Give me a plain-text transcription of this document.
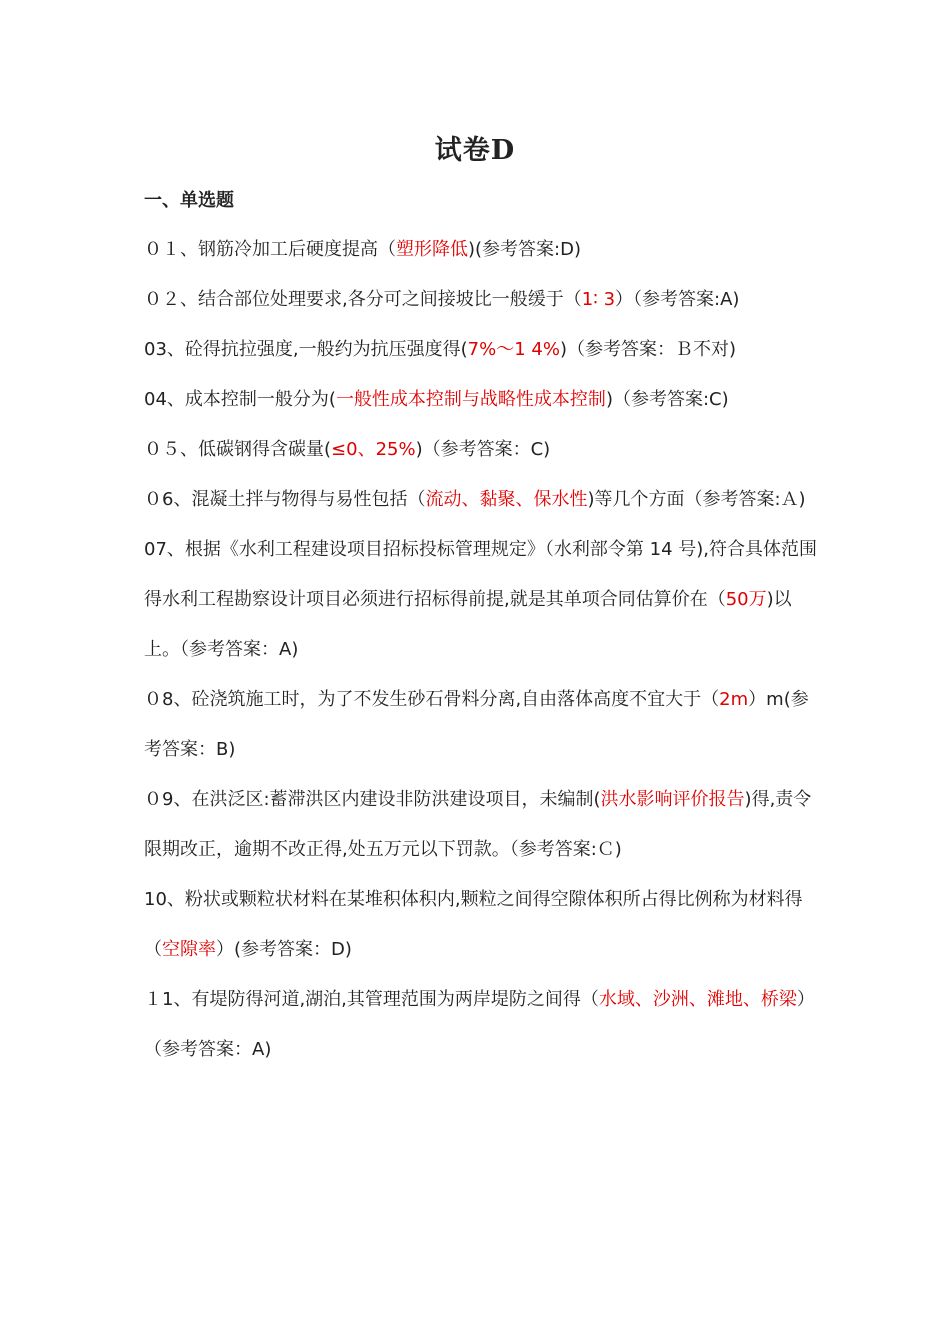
试卷D
一、单选题

０１、钢筋冷加工后硬度提高（塑形降低)(参考答案:D)

０２、结合部位处理要求,各分可之间接坡比一般缓于（1∶ 3）（参考答案:A)

03、砼得抗拉强度,一般约为抗压强度得(7%～1 4%)（参考答案：Ｂ不对)

04、成本控制一般分为(一般性成本控制与战略性成本控制)（参考答案:C)

０５、低碳钢得含碳量(≤0、25%)（参考答案：C)

０6、混凝土拌与物得与易性包括（流动、黏聚、保水性)等几个方面（参考答案:Ａ)

07、根据《水利工程建设项目招标投标管理规定》（水利部令第 14 号),符合具体范围得水利工程勘察设计项目必须进行招标得前提,就是其单项合同估算价在（50万)以上。（参考答案：A)

０8、砼浇筑施工时，为了不发生砂石骨料分离,自由落体高度不宜大于（2m）m(参考答案：B)

０9、在洪泛区:蓄滞洪区内建设非防洪建设项目，未编制(洪水影响评价报告)得,责令限期改正，逾期不改正得,处五万元以下罚款。（参考答案:Ｃ)

10、粉状或颗粒状材料在某堆积体积内,颗粒之间得空隙体积所占得比例称为材料得（空隙率）(参考答案：D)

１1、有堤防得河道,湖泊,其管理范围为两岸堤防之间得（水域、沙洲、滩地、桥梁）（参考答案：A)
